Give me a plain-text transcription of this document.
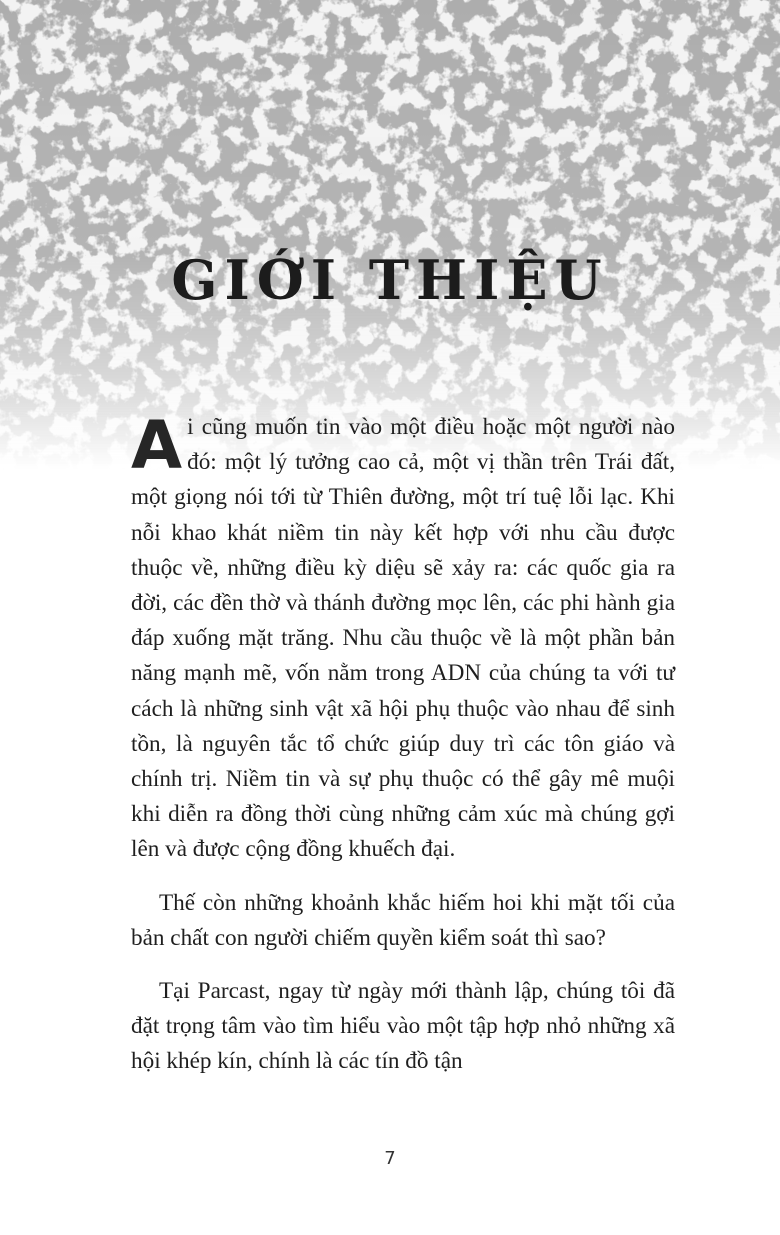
GIỚI THIỆU

Ai cũng muốn tin vào một điều hoặc một người nào đó: một lý tưởng cao cả, một vị thần trên Trái đất, một giọng nói tới từ Thiên đường, một trí tuệ lỗi lạc. Khi nỗi khao khát niềm tin này kết hợp với nhu cầu được thuộc về, những điều kỳ diệu sẽ xảy ra: các quốc gia ra đời, các đền thờ và thánh đường mọc lên, các phi hành gia đáp xuống mặt trăng. Nhu cầu thuộc về là một phần bản năng mạnh mẽ, vốn nằm trong ADN của chúng ta với tư cách là những sinh vật xã hội phụ thuộc vào nhau để sinh tồn, là nguyên tắc tổ chức giúp duy trì các tôn giáo và chính trị. Niềm tin và sự phụ thuộc có thể gây mê muội khi diễn ra đồng thời cùng những cảm xúc mà chúng gợi lên và được cộng đồng khuếch đại.

Thế còn những khoảnh khắc hiếm hoi khi mặt tối của bản chất con người chiếm quyền kiểm soát thì sao?

Tại Parcast, ngay từ ngày mới thành lập, chúng tôi đã đặt trọng tâm vào tìm hiểu vào một tập hợp nhỏ những xã hội khép kín, chính là các tín đồ tận

7
